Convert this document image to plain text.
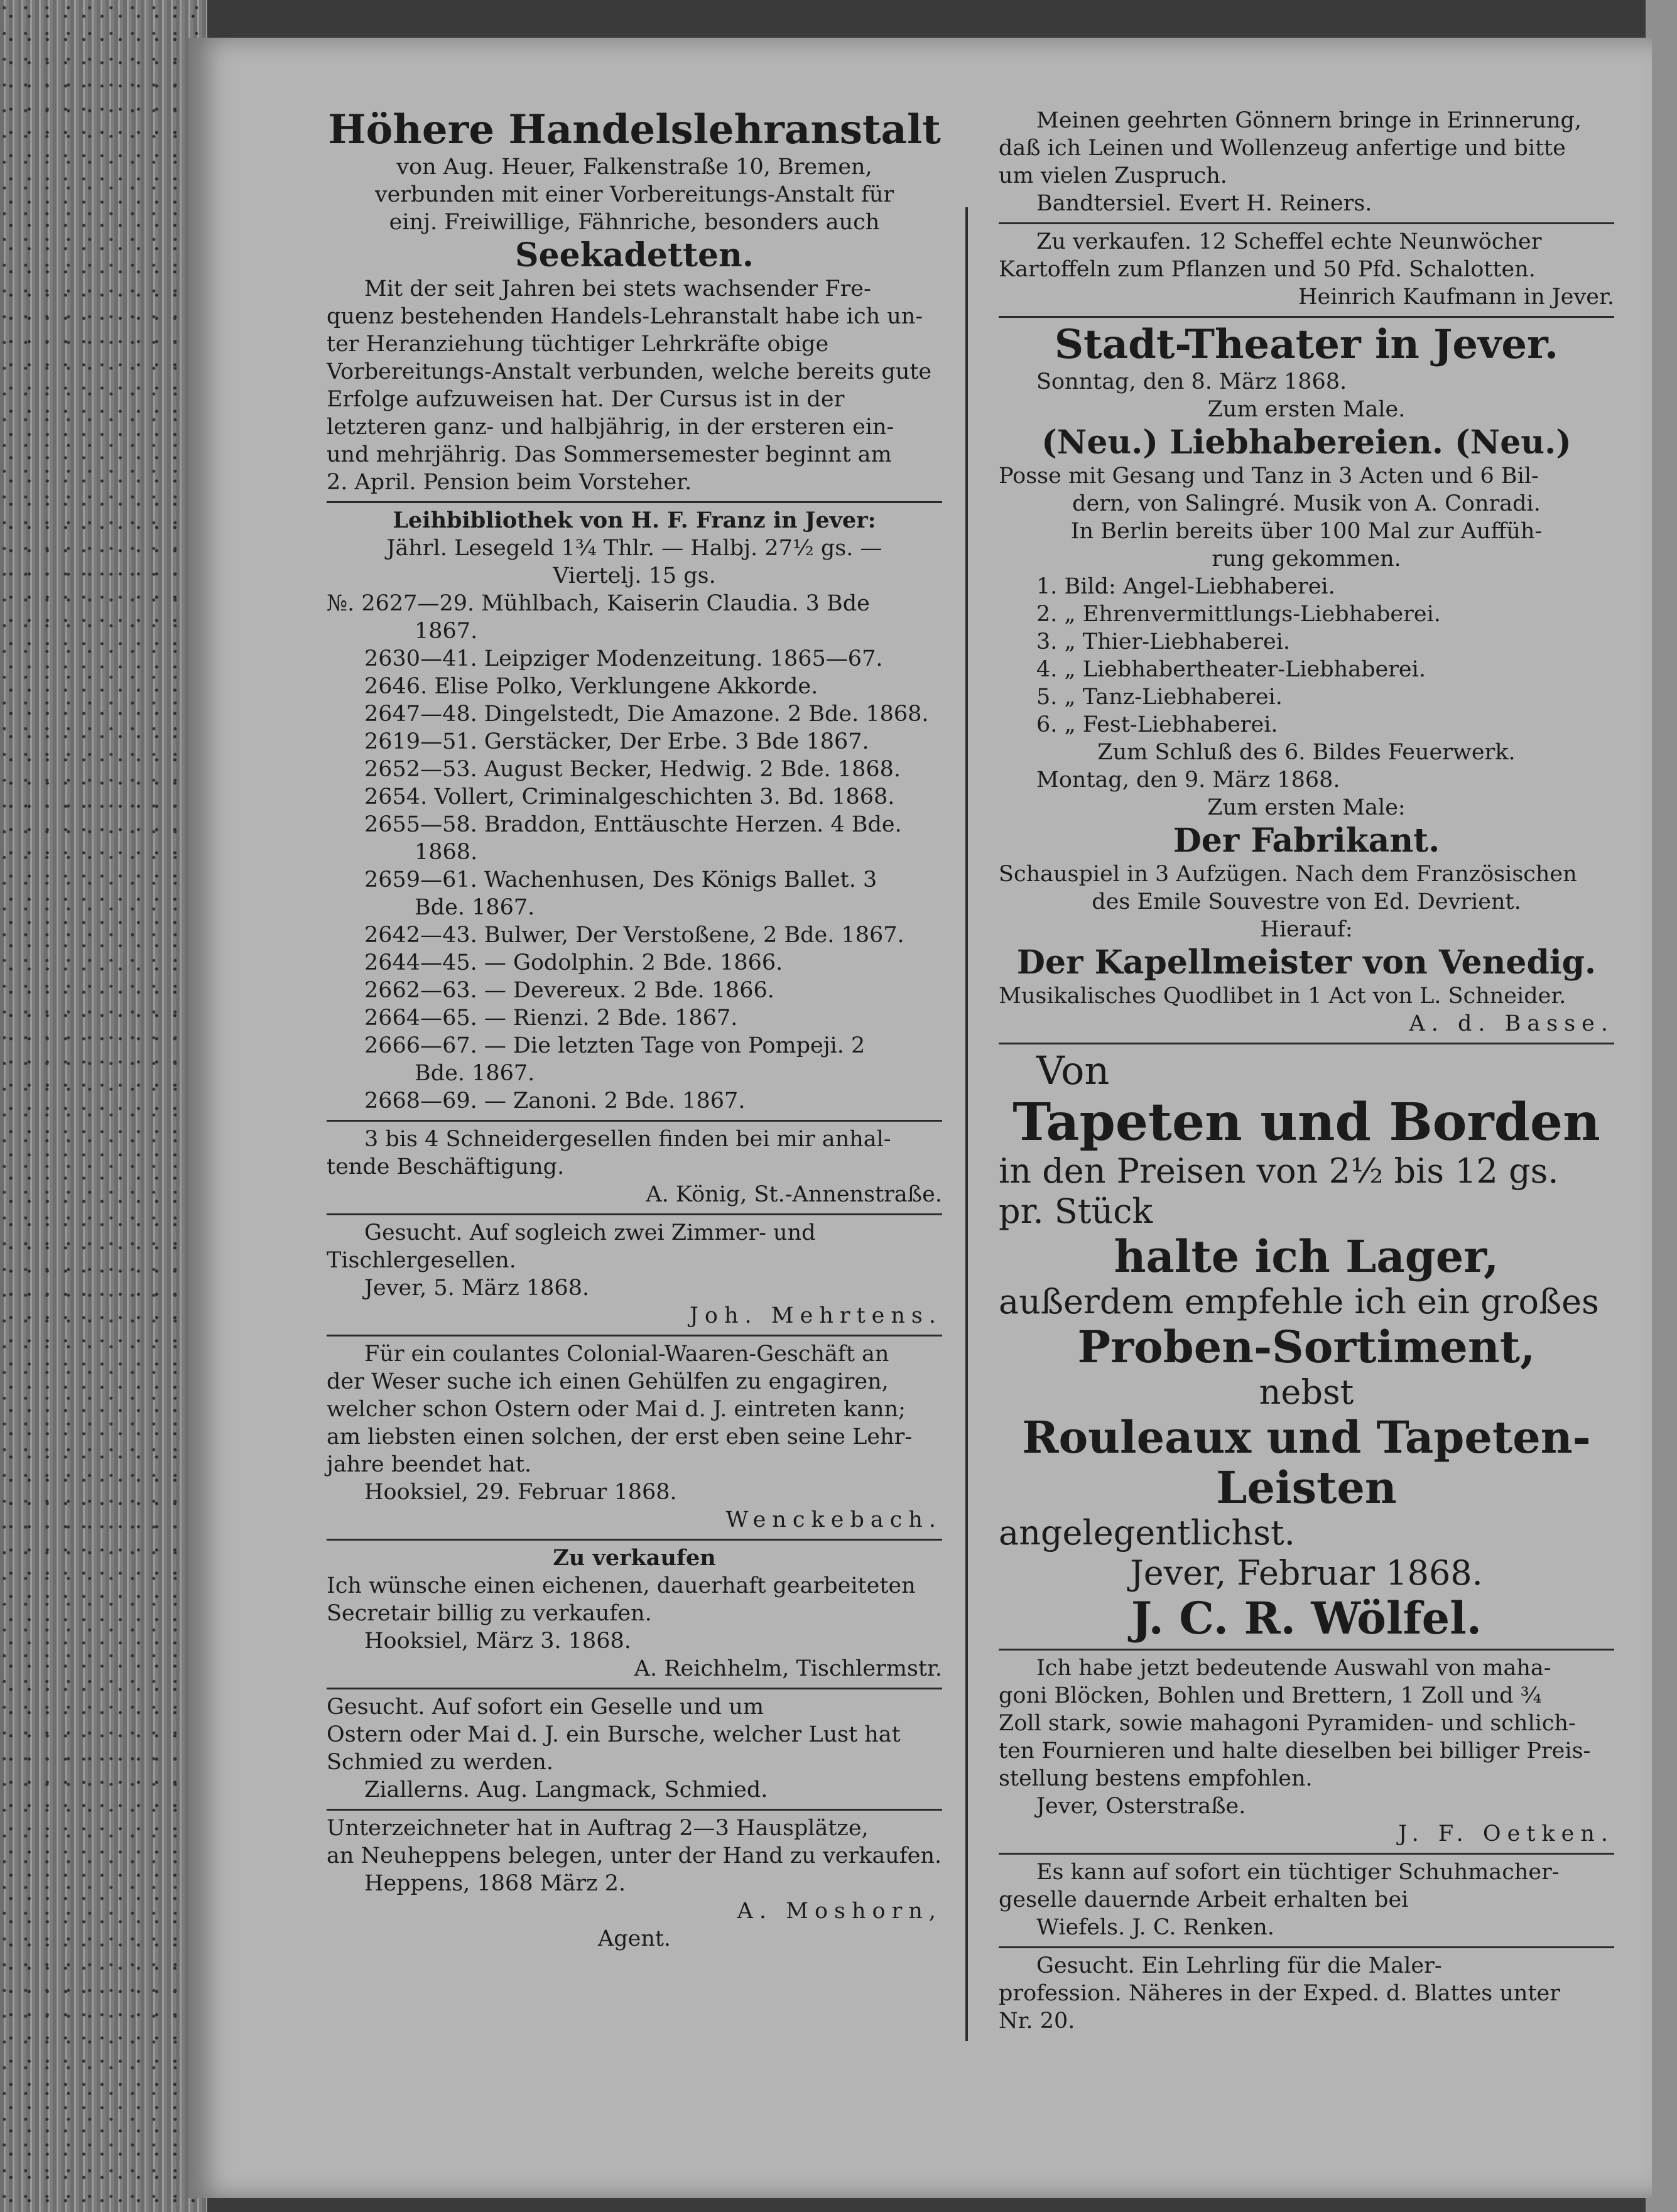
Höhere Handelslehranstalt
von Aug. Heuer, Falkenstraße 10, Bremen,
verbunden mit einer Vorbereitungs-Anstalt für
einj. Freiwillige, Fähnriche, besonders auch
Seekadetten.
Mit der seit Jahren bei stets wachsender Fre-
quenz bestehenden Handels-Lehranstalt habe ich un-
ter Heranziehung tüchtiger Lehrkräfte obige
Vorbereitungs-Anstalt verbunden, welche bereits gute
Erfolge aufzuweisen hat. Der Cursus ist in der
letzteren ganz- und halbjährig, in der ersteren ein-
und mehrjährig. Das Sommersemester beginnt am
2. April. Pension beim Vorsteher.
Leihbibliothek von H. F. Franz in Jever:
Jährl. Lesegeld 1¾ Thlr. — Halbj. 27½ gs. —
Viertelj. 15 gs.
№. 2627—29. Mühlbach, Kaiserin Claudia. 3 Bde
1867.
2630—41. Leipziger Modenzeitung. 1865—67.
2646. Elise Polko, Verklungene Akkorde.
2647—48. Dingelstedt, Die Amazone. 2 Bde. 1868.
2619—51. Gerstäcker, Der Erbe. 3 Bde 1867.
2652—53. August Becker, Hedwig. 2 Bde. 1868.
2654. Vollert, Criminalgeschichten 3. Bd. 1868.
2655—58. Braddon, Enttäuschte Herzen. 4 Bde.
1868.
2659—61. Wachenhusen, Des Königs Ballet. 3
Bde. 1867.
2642—43. Bulwer, Der Verstoßene, 2 Bde. 1867.
2644—45. — Godolphin. 2 Bde. 1866.
2662—63. — Devereux. 2 Bde. 1866.
2664—65. — Rienzi. 2 Bde. 1867.
2666—67. — Die letzten Tage von Pompeji. 2
Bde. 1867.
2668—69. — Zanoni. 2 Bde. 1867.
3 bis 4 Schneidergesellen finden bei mir anhal-
tende Beschäftigung.
A. König, St.-Annenstraße.
Gesucht. Auf sogleich zwei Zimmer- und
Tischlergesellen.
Jever, 5. März 1868.
Joh. Mehrtens.
Für ein coulantes Colonial-Waaren-Geschäft an
der Weser suche ich einen Gehülfen zu engagiren,
welcher schon Ostern oder Mai d. J. eintreten kann;
am liebsten einen solchen, der erst eben seine Lehr-
jahre beendet hat.
Hooksiel, 29. Februar 1868.
Wenckebach.
Zu verkaufen
Ich wünsche einen eichenen, dauerhaft gearbeiteten
Secretair billig zu verkaufen.
Hooksiel, März 3. 1868.
A. Reichhelm, Tischlermstr.
Gesucht. Auf sofort ein Geselle und um
Ostern oder Mai d. J. ein Bursche, welcher Lust hat
Schmied zu werden.
Ziallerns. Aug. Langmack, Schmied.
Unterzeichneter hat in Auftrag 2—3 Hausplätze,
an Neuheppens belegen, unter der Hand zu verkaufen.
Heppens, 1868 März 2.
A. Moshorn,
Agent.
Meinen geehrten Gönnern bringe in Erinnerung,
daß ich Leinen und Wollenzeug anfertige und bitte
um vielen Zuspruch.
Bandtersiel. Evert H. Reiners.
Zu verkaufen. 12 Scheffel echte Neunwöcher
Kartoffeln zum Pflanzen und 50 Pfd. Schalotten.
Heinrich Kaufmann in Jever.
Stadt-Theater in Jever.
Sonntag, den 8. März 1868.
Zum ersten Male.
(Neu.) Liebhabereien. (Neu.)
Posse mit Gesang und Tanz in 3 Acten und 6 Bil-
dern, von Salingré. Musik von A. Conradi.
In Berlin bereits über 100 Mal zur Auffüh-
rung gekommen.
1. Bild: Angel-Liebhaberei.
2. „ Ehrenvermittlungs-Liebhaberei.
3. „ Thier-Liebhaberei.
4. „ Liebhabertheater-Liebhaberei.
5. „ Tanz-Liebhaberei.
6. „ Fest-Liebhaberei.
Zum Schluß des 6. Bildes Feuerwerk.
Montag, den 9. März 1868.
Zum ersten Male:
Der Fabrikant.
Schauspiel in 3 Aufzügen. Nach dem Französischen
des Emile Souvestre von Ed. Devrient.
Hierauf:
Der Kapellmeister von Venedig.
Musikalisches Quodlibet in 1 Act von L. Schneider.
A. d. Basse.
Von
Tapeten und Borden
in den Preisen von 2½ bis 12 gs.
pr. Stück
halte ich Lager,
außerdem empfehle ich ein großes
Proben-Sortiment,
nebst
Rouleaux und Tapeten-
Leisten
angelegentlichst.
Jever, Februar 1868.
J. C. R. Wölfel.
Ich habe jetzt bedeutende Auswahl von maha-
goni Blöcken, Bohlen und Brettern, 1 Zoll und ¾
Zoll stark, sowie mahagoni Pyramiden- und schlich-
ten Fournieren und halte dieselben bei billiger Preis-
stellung bestens empfohlen.
Jever, Osterstraße.
J. F. Oetken.
Es kann auf sofort ein tüchtiger Schuhmacher-
geselle dauernde Arbeit erhalten bei
Wiefels. J. C. Renken.
Gesucht. Ein Lehrling für die Maler-
profession. Näheres in der Exped. d. Blattes unter
Nr. 20.
